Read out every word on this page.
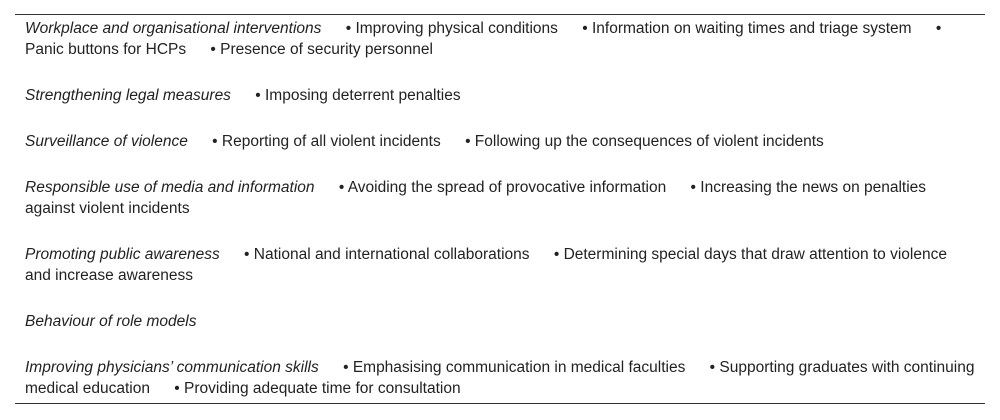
Workplace and organisational interventions • Improving physical conditions • Information on waiting times and triage system • Panic buttons for HCPs • Presence of security personnel
Strengthening legal measures • Imposing deterrent penalties
Surveillance of violence • Reporting of all violent incidents • Following up the consequences of violent incidents
Responsible use of media and information • Avoiding the spread of provocative information • Increasing the news on penalties against violent incidents
Promoting public awareness • National and international collaborations • Determining special days that draw attention to violence and increase awareness
Behaviour of role models
Improving physicians’ communication skills • Emphasising communication in medical faculties • Supporting graduates with continuing medical education • Providing adequate time for consultation
